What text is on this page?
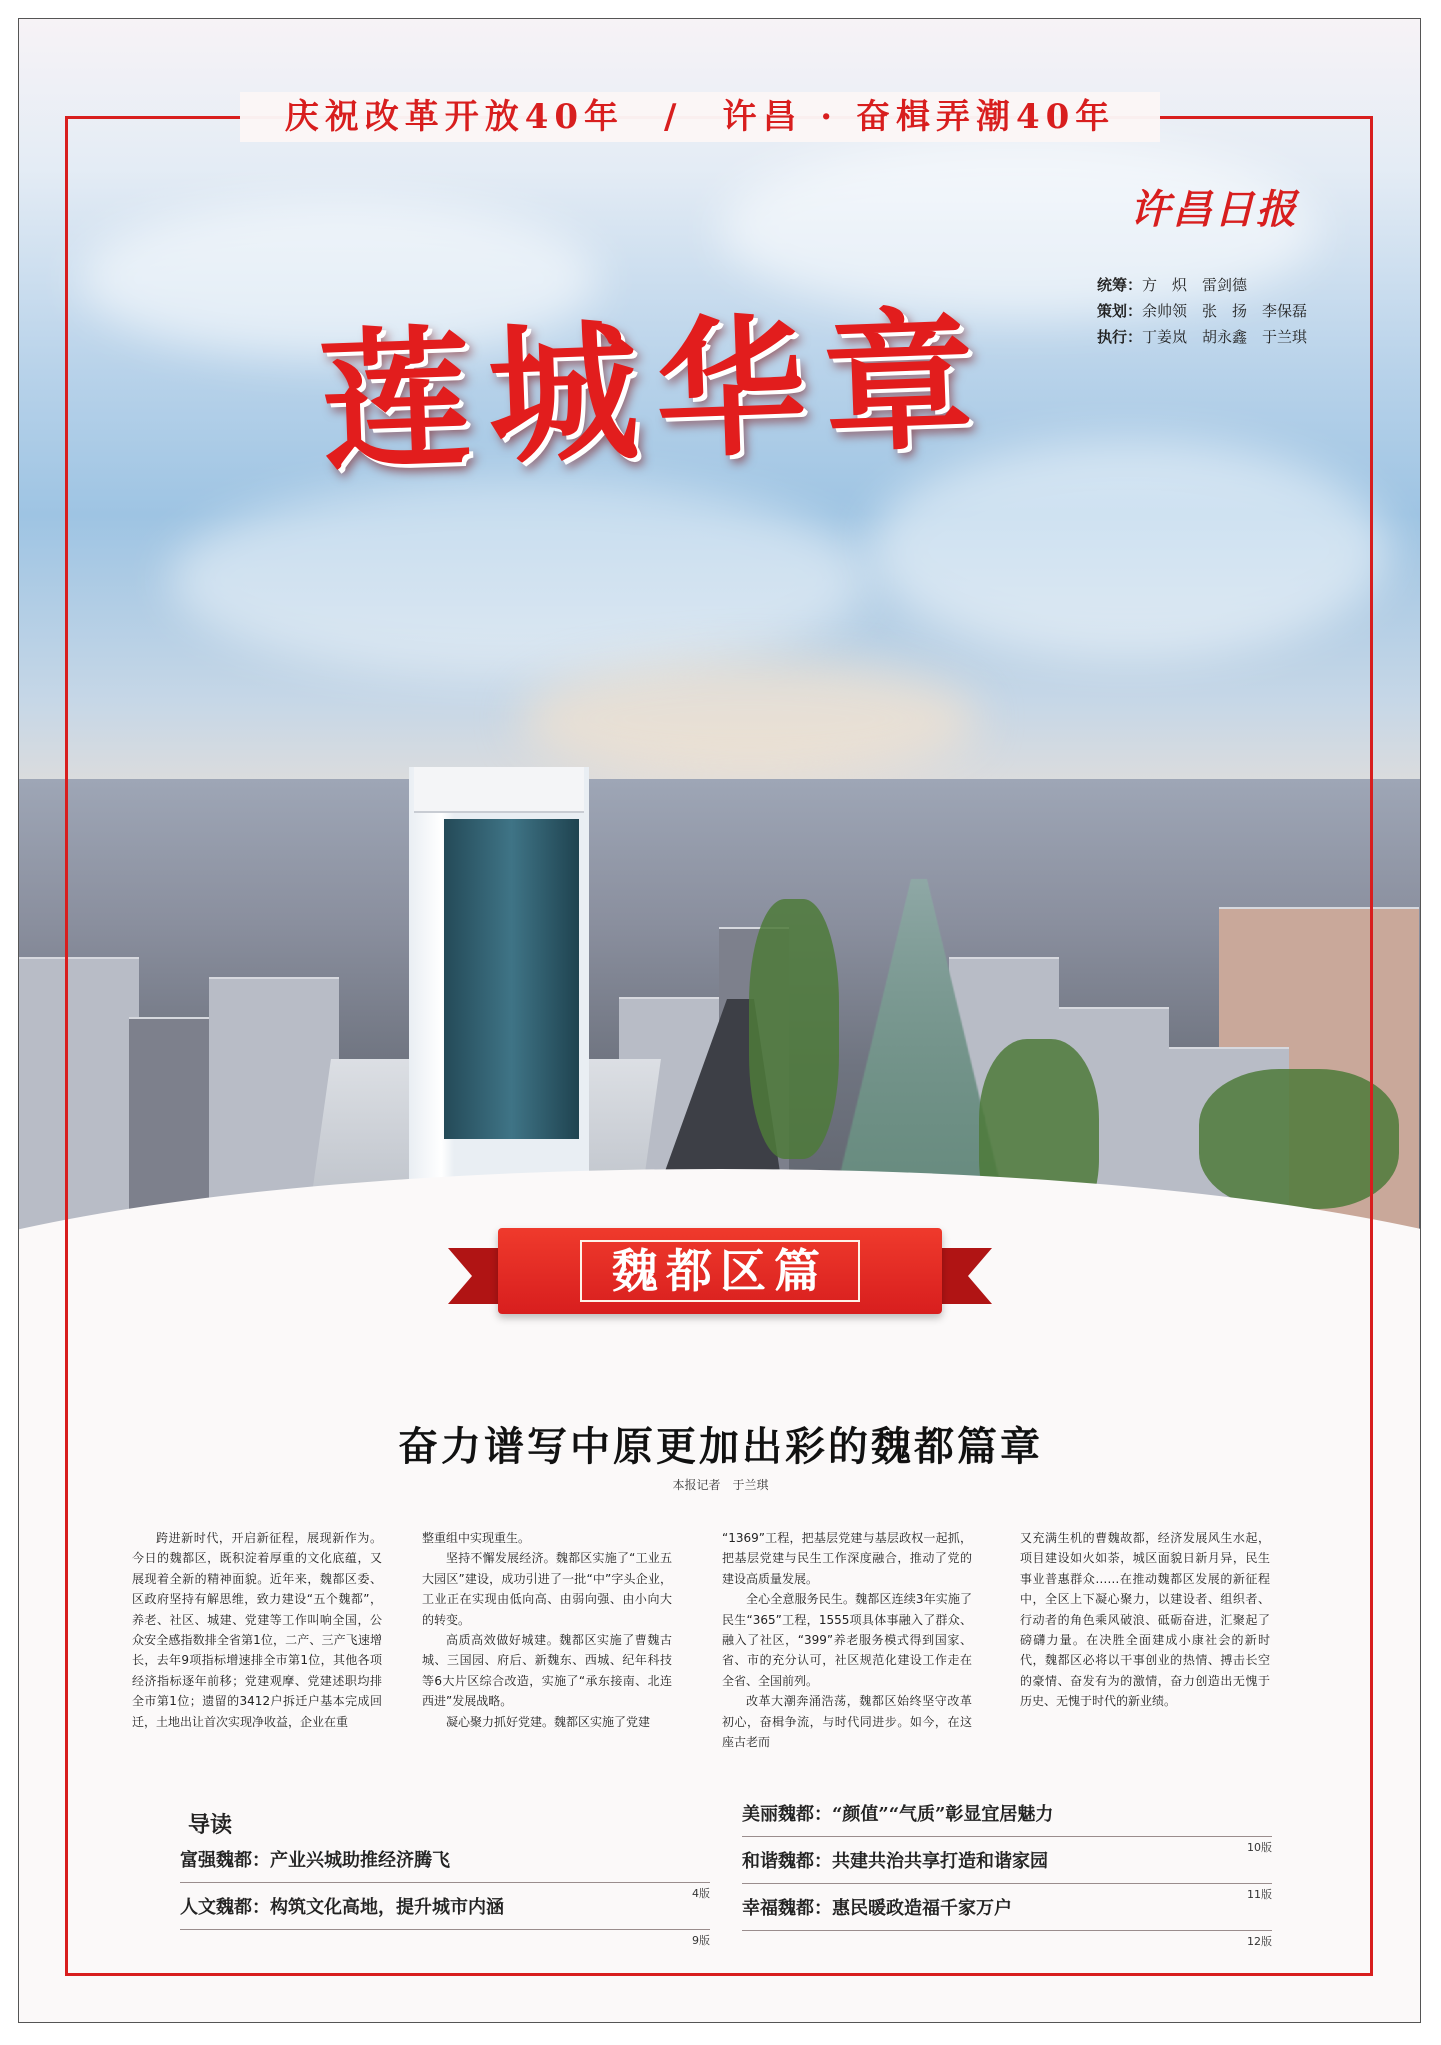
庆祝改革开放40年　/　许昌 · 奋楫弄潮40年
许昌日报
统筹：方　炽　雷剑德
策划：余帅领　张　扬　李保磊
执行：丁姜岚　胡永鑫　于兰琪
莲城华章
魏都区篇
奋力谱写中原更加出彩的魏都篇章
本报记者　于兰琪

跨进新时代，开启新征程，展现新作为。今日的魏都区，既积淀着厚重的文化底蕴，又展现着全新的精神面貌。近年来，魏都区委、区政府坚持有解思维，致力建设“五个魏都”，养老、社区、城建、党建等工作叫响全国，公众安全感指数排全省第1位，二产、三产飞速增长，去年9项指标增速排全市第1位，其他各项经济指标逐年前移；党建观摩、党建述职均排全市第1位；遗留的3412户拆迁户基本完成回迁，土地出让首次实现净收益，企业在重

整重组中实现重生。

坚持不懈发展经济。魏都区实施了“工业五大园区”建设，成功引进了一批“中”字头企业，工业正在实现由低向高、由弱向强、由小向大的转变。

高质高效做好城建。魏都区实施了曹魏古城、三国园、府后、新魏东、西城、纪年科技等6大片区综合改造，实施了“承东接南、北连西进”发展战略。

凝心聚力抓好党建。魏都区实施了党建

“1369”工程，把基层党建与基层政权一起抓，把基层党建与民生工作深度融合，推动了党的建设高质量发展。

全心全意服务民生。魏都区连续3年实施了民生“365”工程，1555项具体事融入了群众、融入了社区，“399”养老服务模式得到国家、省、市的充分认可，社区规范化建设工作走在全省、全国前列。

改革大潮奔涌浩荡，魏都区始终坚守改革初心，奋楫争流，与时代同进步。如今，在这座古老而

又充满生机的曹魏故都，经济发展风生水起，项目建设如火如荼，城区面貌日新月异，民生事业普惠群众……在推动魏都区发展的新征程中，全区上下凝心聚力，以建设者、组织者、行动者的角色乘风破浪、砥砺奋进，汇聚起了磅礴力量。在决胜全面建成小康社会的新时代，魏都区必将以干事创业的热情、搏击长空的豪情、奋发有为的激情，奋力创造出无愧于历史、无愧于时代的新业绩。

导读
富强魏都：产业兴城助推经济腾飞
4版
人文魏都：构筑文化高地，提升城市内涵
9版
美丽魏都：“颜值”“气质”彰显宜居魅力
10版
和谐魏都：共建共治共享打造和谐家园
11版
幸福魏都：惠民暖政造福千家万户
12版
